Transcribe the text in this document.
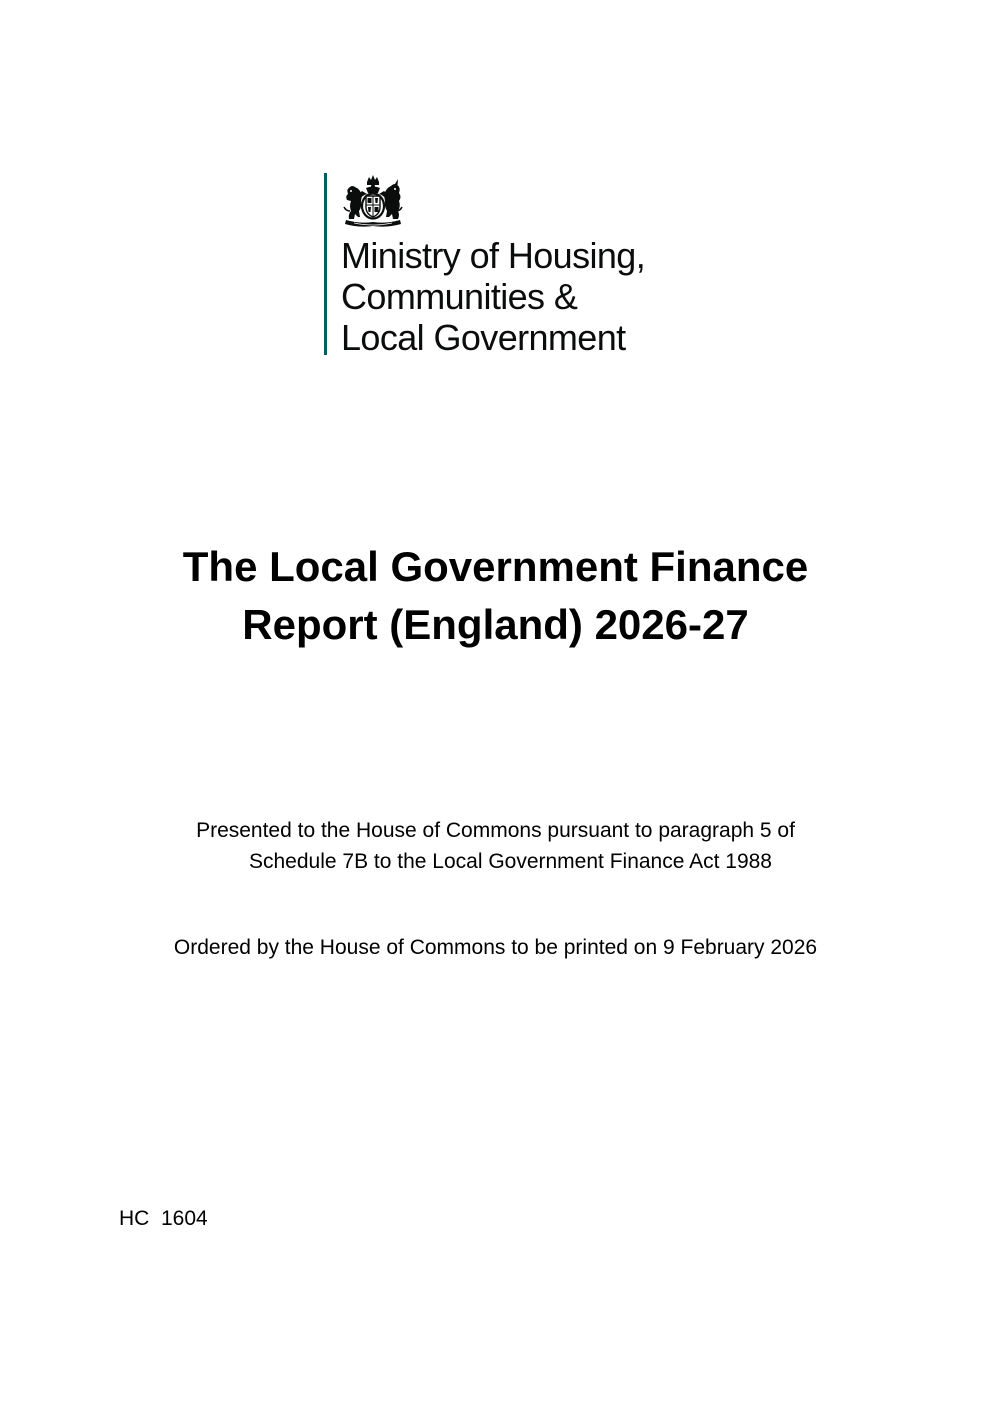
Ministry of Housing,
Communities &
Local Government
The Local Government Finance
Report (England) 2026-27

Presented to the House of Commons pursuant to paragraph 5 of
Schedule 7B to the Local Government Finance Act 1988

Ordered by the House of Commons to be printed on 9 February 2026

HC  1604
